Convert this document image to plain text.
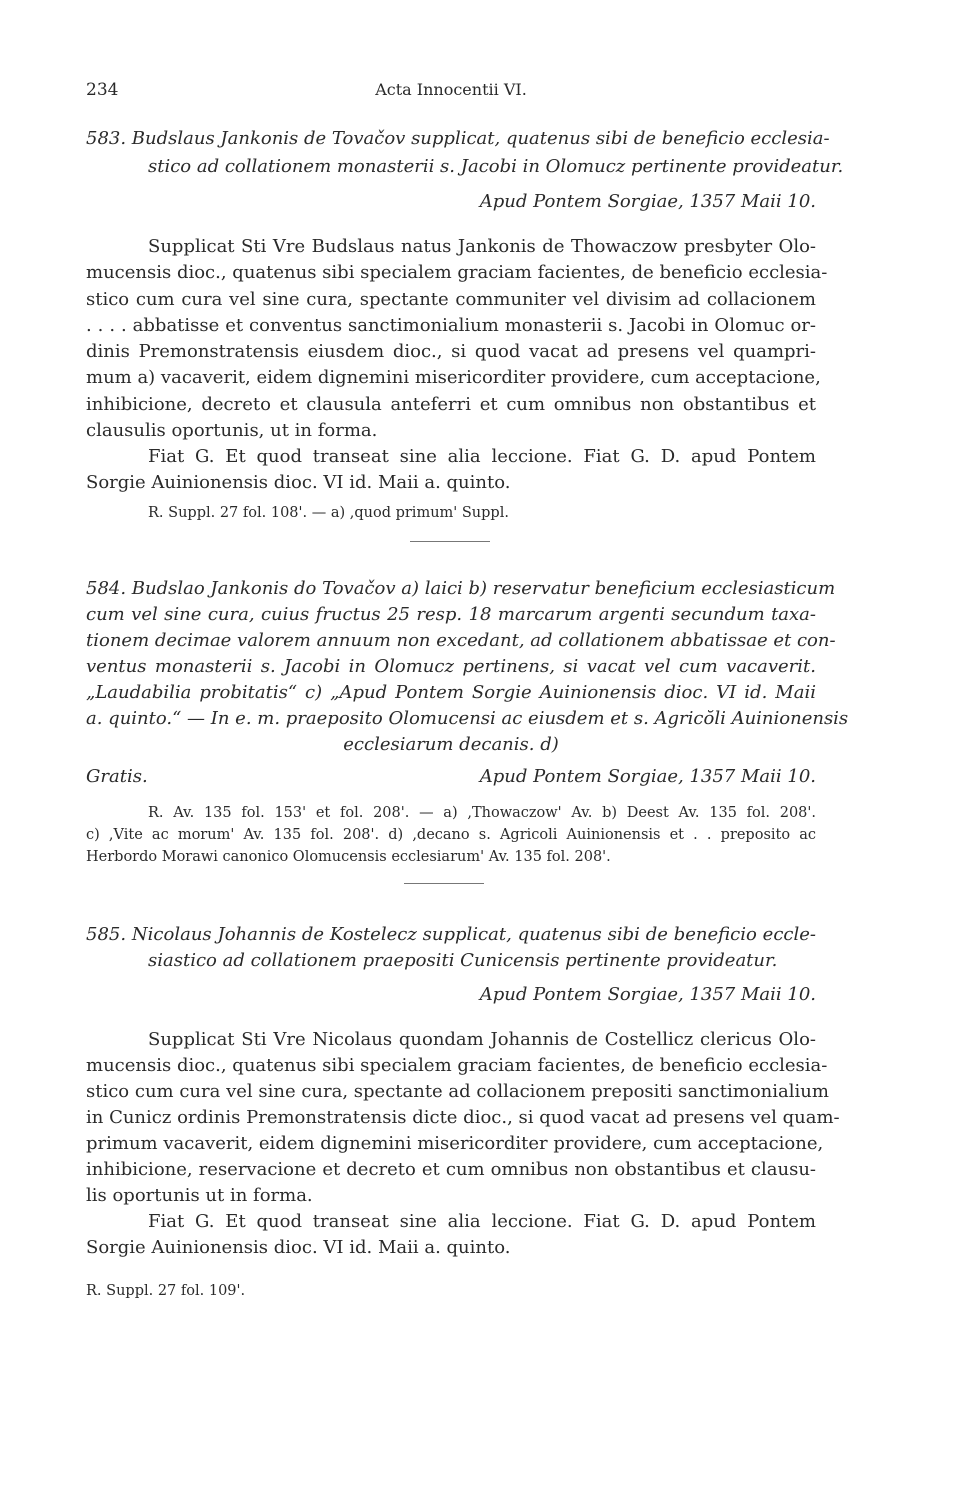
234	Acta Innocentii VI.
583. Budslaus Jankonis de Tovačov supplicat, quatenus sibi de beneficio ecclesia-
stico ad collationem monasterii s. Jacobi in Olomucz pertinente provideatur.
Apud Pontem Sorgiae, 1357 Maii 10.
Supplicat Sti Vre Budslaus natus Jankonis de Thowaczow presbyter Olo-
mucensis dioc., quatenus sibi specialem graciam facientes, de beneficio ecclesia-
stico cum cura vel sine cura, spectante communiter vel divisim ad collacionem
. . . . abbatisse et conventus sanctimonialium monasterii s. Jacobi in Olomuc or-
dinis Premonstratensis eiusdem dioc., si quod vacat ad presens vel quampri-
mum a) vacaverit, eidem dignemini misericorditer providere, cum acceptacione,
inhibicione, decreto et clausula anteferri et cum omnibus non obstantibus et
clausulis oportunis, ut in forma.
Fiat G. Et quod transeat sine alia leccione. Fiat G. D. apud Pontem
Sorgie Auinionensis dioc. VI id. Maii a. quinto.
R. Suppl. 27 fol. 108'. — a) ,quod primum' Suppl.
584. Budslao Jankonis do Tovačov a) laici b) reservatur beneficium ecclesiasticum
cum vel sine cura, cuius fructus 25 resp. 18 marcarum argenti secundum taxa-
tionem decimae valorem annuum non excedant, ad collationem abbatissae et con-
ventus monasterii s. Jacobi in Olomucz pertinens, si vacat vel cum vacaverit.
„Laudabilia probitatis“ c) „Apud Pontem Sorgie Auinionensis dioc. VI id. Maii
a. quinto.“ — In e. m. praeposito Olomucensi ac eiusdem et s. Agricŏli Auinionensis
ecclesiarum decanis. d)
Gratis.	Apud Pontem Sorgiae, 1357 Maii 10.
R. Av. 135 fol. 153' et fol. 208'. — a) ,Thowaczow' Av. b) Deest Av. 135 fol. 208'.
c) ,Vite ac morum' Av. 135 fol. 208'. d) ,decano s. Agricoli Auinionensis et . . preposito ac
Herbordo Morawi canonico Olomucensis ecclesiarum' Av. 135 fol. 208'.
585. Nicolaus Johannis de Kostelecz supplicat, quatenus sibi de beneficio eccle-
siastico ad collationem praepositi Cunicensis pertinente provideatur.
Apud Pontem Sorgiae, 1357 Maii 10.
Supplicat Sti Vre Nicolaus quondam Johannis de Costellicz clericus Olo-
mucensis dioc., quatenus sibi specialem graciam facientes, de beneficio ecclesia-
stico cum cura vel sine cura, spectante ad collacionem prepositi sanctimonialium
in Cunicz ordinis Premonstratensis dicte dioc., si quod vacat ad presens vel quam-
primum vacaverit, eidem dignemini misericorditer providere, cum acceptacione,
inhibicione, reservacione et decreto et cum omnibus non obstantibus et clausu-
lis oportunis ut in forma.
Fiat G. Et quod transeat sine alia leccione. Fiat G. D. apud Pontem
Sorgie Auinionensis dioc. VI id. Maii a. quinto.
R. Suppl. 27 fol. 109'.
